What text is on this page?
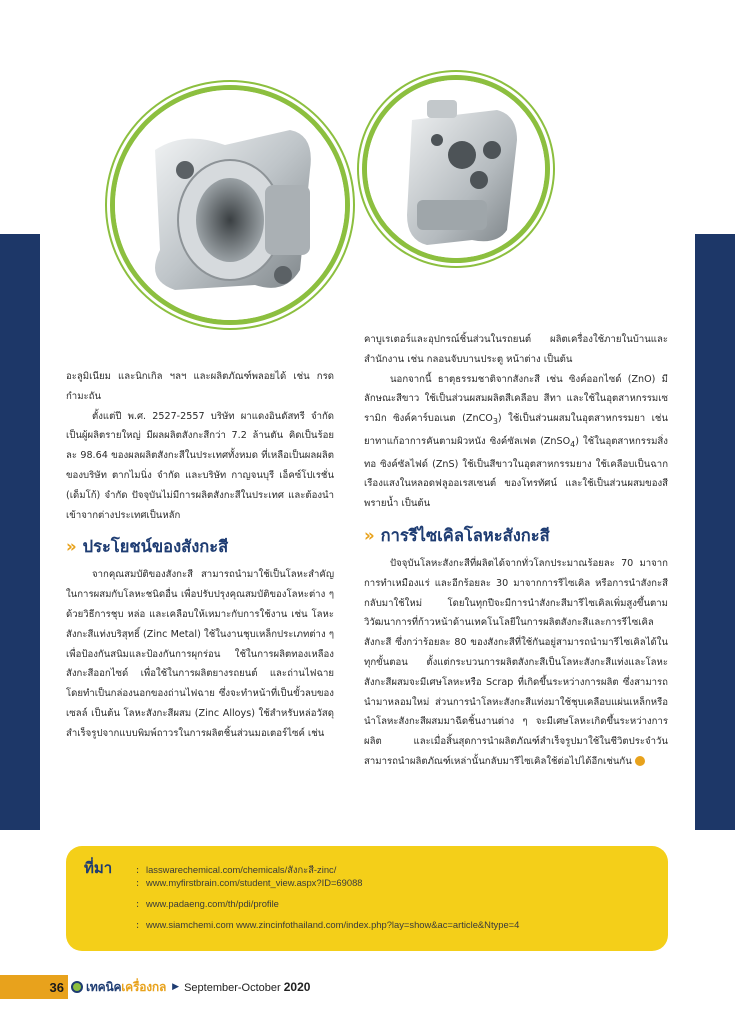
อะลูมิเนียม และนิกเกิล ฯลฯ และผลิตภัณฑ์พลอยได้ เช่น กรดกำมะถัน

ตั้งแต่ปี พ.ศ. 2527-2557 บริษัท ผาแดงอินดัสทรี จำกัด เป็นผู้ผลิตรายใหญ่ มีผลผลิตสังกะสีกว่า 7.2 ล้านตัน คิดเป็นร้อยละ 98.64 ของผลผลิตสังกะสีในประเทศทั้งหมด ที่เหลือเป็นผลผลิตของบริษัท ตากไมนิ่ง จำกัด และบริษัท กาญจนบุรี เอ็คซ์โปเรชั่น (เด็มโก้) จำกัด ปัจจุบันไม่มีการผลิตสังกะสีในประเทศ และต้องนำเข้าจากต่างประเทศเป็นหลัก

» ประโยชน์ของสังกะสี

จากคุณสมบัติของสังกะสี สามารถนำมาใช้เป็นโลหะสำคัญในการผสมกับโลหะชนิดอื่น เพื่อปรับปรุงคุณสมบัติของโลหะต่าง ๆ ด้วยวิธีการชุบ หล่อ และเคลือบให้เหมาะกับการใช้งาน เช่น โลหะสังกะสีแท่งบริสุทธิ์ (Zinc Metal) ใช้ในงานชุบเหล็กประเภทต่าง ๆ เพื่อป้องกันสนิมและป้องกันการผุกร่อน ใช้ในการผลิตทองเหลือง สังกะสีออกไซด์ เพื่อใช้ในการผลิตยางรถยนต์ และถ่านไฟฉาย โดยทำเป็นกล่องนอกของถ่านไฟฉาย ซึ่งจะทำหน้าที่เป็นขั้วลบของเซลล์ เป็นต้น โลหะสังกะสีผสม (Zinc Alloys) ใช้สำหรับหล่อวัสดุสำเร็จรูปจากแบบพิมพ์ถาวรในการผลิตชิ้นส่วนมอเตอร์ไซค์ เช่น

คาบูเรเตอร์และอุปกรณ์ชิ้นส่วนในรถยนต์ ผลิตเครื่องใช้ภายในบ้านและสำนักงาน เช่น กลอนจับบานประตู หน้าต่าง เป็นต้น

นอกจากนี้ ธาตุธรรมชาติจากสังกะสี เช่น ซิงค์ออกไซด์ (ZnO) มีลักษณะสีขาว ใช้เป็นส่วนผสมผลิตสีเคลือบ สีทา และใช้ในอุตสาหกรรมเซรามิก ซิงค์คาร์บอเนต (ZnCO$_3$) ใช้เป็นส่วนผสมในอุตสาหกรรมยา เช่น ยาทาแก้อาการคันตามผิวหนัง ซิงค์ซัลเฟต (ZnSO$_4$) ใช้ในอุตสาหกรรมสิ่งทอ ซิงค์ซัลไฟด์ (ZnS) ใช้เป็นสีขาวในอุตสาหกรรมยาง ใช้เคลือบเป็นฉากเรืองแสงในหลอดฟลูออเรสเซนต์ ของโทรทัศน์ และใช้เป็นส่วนผสมของสีพรายน้ำ เป็นต้น

» การรีไซเคิลโลหะสังกะสี

ปัจจุบันโลหะสังกะสีที่ผลิตได้จากทั่วโลกประมาณร้อยละ 70 มาจากการทำเหมืองแร่ และอีกร้อยละ 30 มาจากการรีไซเคิล หรือการนำสังกะสีกลับมาใช้ใหม่ โดยในทุกปีจะมีการนำสังกะสีมารีไซเคิลเพิ่มสูงขึ้นตามวิวัฒนาการที่ก้าวหน้าด้านเทคโนโลยีในการผลิตสังกะสีและการรีไซเคิลสังกะสี ซึ่งกว่าร้อยละ 80 ของสังกะสีที่ใช้กันอยู่สามารถนำมารีไซเคิลได้ในทุกขั้นตอน ตั้งแต่กระบวนการผลิตสังกะสีเป็นโลหะสังกะสีแท่งและโลหะสังกะสีผสมจะมีเศษโลหะหรือ Scrap ที่เกิดขึ้นระหว่างการผลิต ซึ่งสามารถนำมาหลอมใหม่ ส่วนการนำโลหะสังกะสีแท่งมาใช้ชุบเคลือบแผ่นเหล็กหรือนำโลหะสังกะสีผสมมาฉีดชิ้นงานต่าง ๆ จะมีเศษโลหะเกิดขึ้นระหว่างการผลิต และเมื่อสิ้นสุดการนำผลิตภัณฑ์สำเร็จรูปมาใช้ในชีวิตประจำวันสามารถนำผลิตภัณฑ์เหล่านั้นกลับมารีไซเคิลใช้ต่อไปได้อีกเช่นกัน

ที่มา	: lasswarechemical.com/chemicals/สังกะสี-zinc/
: www.myfirstbrain.com/student_view.aspx?ID=69088
: www.padaeng.com/th/pdi/profile
: www.siamchemi.com www.zincinfothailand.com/index.php?lay=show&ac=article&Ntype=4
36	เทคนิค เครื่องกล ▶ September-October 2020
